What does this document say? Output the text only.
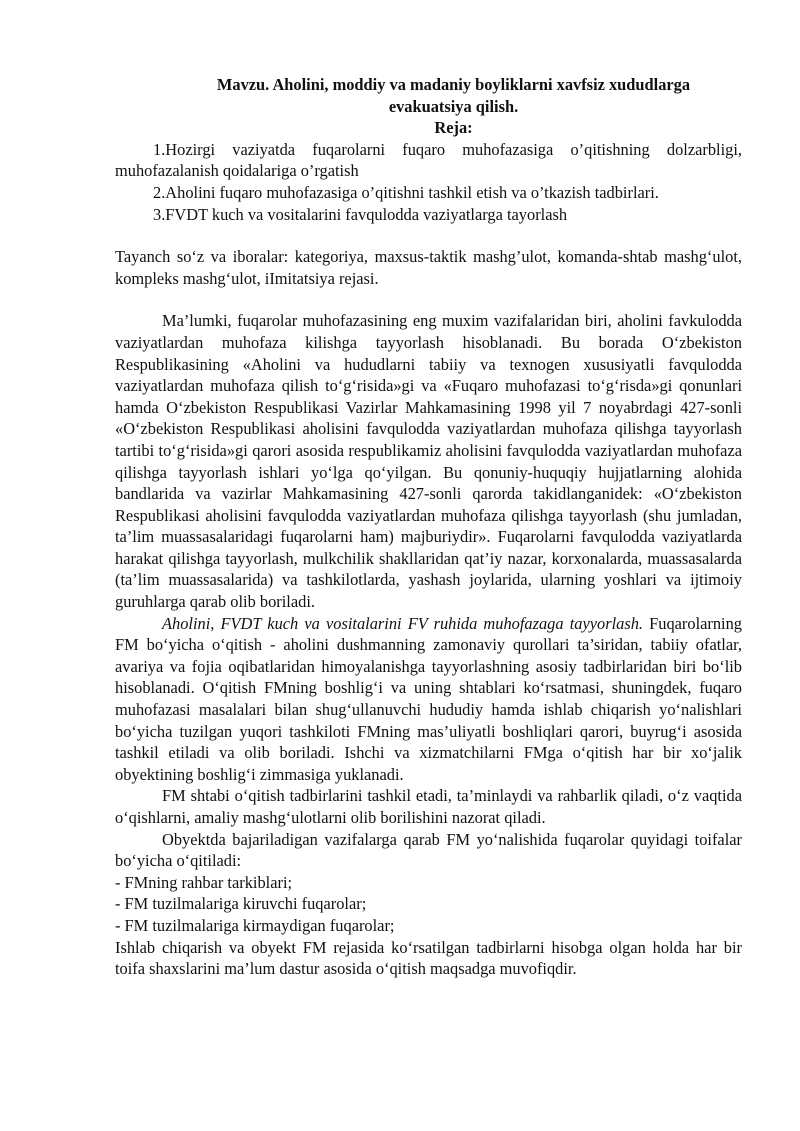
Mavzu. Aholini, moddiy va madaniy boyliklarni xavfsiz xududlarga
evakuatsiya qilish.

Reja:

1.Hozirgi vaziyatda fuqarolarni fuqaro muhofazasiga o’qitishning dolzarbligi, muhofazalanish qoidalariga o’rgatish
2.Aholini fuqaro muhofazasiga o’qitishni tashkil etish va o’tkazish tadbirlari.
3.FVDT kuch va vositalarini favqulodda vaziyatlarga tayorlash

Tayanch so‘z va iboralar: kategoriya, maxsus-taktik mashg’ulot, komanda-shtab mashg‘ulot, kompleks mashg‘ulot, iImitatsiya rejasi.

Ma’lumki, fuqarolar muhofazasining eng muxim vazifalaridan biri, aholini favkulodda vaziyatlardan muhofaza kilishga tayyorlash hisoblanadi. Bu borada O‘zbekiston Respublikasining «Aholini va hududlarni tabiiy va texnogen xususiyatli favqulodda vaziyatlardan muhofaza qilish to‘g‘risida»gi va «Fuqaro muhofazasi to‘g‘risda»gi qonunlari hamda O‘zbekiston Respublikasi Vazirlar Mahkamasining 1998 yil 7 noyabrdagi 427-sonli «O‘zbekiston Respublikasi aholisini favqulodda vaziyatlardan muhofaza qilishga tayyorlash tartibi to‘g‘risida»gi qarori asosida respublikamiz aholisini favqulodda vaziyatlardan muhofaza qilishga tayyorlash ishlari yo‘lga qo‘yilgan. Bu qonuniy-huquqiy hujjatlarning alohida bandlarida va vazirlar Mahkamasining 427-sonli qarorda takidlanganidek: «O‘zbekiston Respublikasi aholisini favqulodda vaziyatlardan muhofaza qilishga tayyorlash (shu jumladan, ta’lim muassasalaridagi fuqarolarni ham) majburiydir». Fuqarolarni favqulodda vaziyatlarda harakat qilishga tayyorlash, mulkchilik shakllaridan qat’iy nazar, korxonalarda, muassasalarda (ta’lim muassasalarida) va tashkilotlarda, yashash joylarida, ularning yoshlari va ijtimoiy guruhlarga qarab olib boriladi.

Aholini, FVDT kuch va vositalarini FV ruhida muhofazaga tayyorlash. Fuqarolarning FM bo‘yicha o‘qitish - aholini dushmanning zamonaviy qurollari ta’siridan, tabiiy ofatlar, avariya va fojia oqibatlaridan himoyalanishga tayyorlashning asosiy tadbirlaridan biri bo‘lib hisoblanadi. O‘qitish FMning boshlig‘i va uning shtablari ko‘rsatmasi, shuningdek, fuqaro muhofazasi masalalari bilan shug‘ullanuvchi hududiy hamda ishlab chiqarish yo‘nalishlari bo‘yicha tuzilgan yuqori tashkiloti FMning mas’uliyatli boshliqlari qarori, buyrug‘i asosida tashkil etiladi va olib boriladi. Ishchi va xizmatchilarni FMga o‘qitish har bir xo‘jalik obyektining boshlig‘i zimmasiga yuklanadi.

FM shtabi o‘qitish tadbirlarini tashkil etadi, ta’minlaydi va rahbarlik qiladi, o‘z vaqtida o‘qishlarni, amaliy mashg‘ulotlarni olib borilishini nazorat qiladi.

Obyektda bajariladigan vazifalarga qarab FM yo‘nalishida fuqarolar quyidagi toifalar bo‘yicha o‘qitiladi:

- FMning rahbar tarkiblari;

- FM tuzilmalariga kiruvchi fuqarolar;

- FM tuzilmalariga kirmaydigan fuqarolar;

Ishlab chiqarish va obyekt FM rejasida ko‘rsatilgan tadbirlarni hisobga olgan holda har bir toifa shaxslarini ma’lum dastur asosida o‘qitish maqsadga muvofiqdir.
